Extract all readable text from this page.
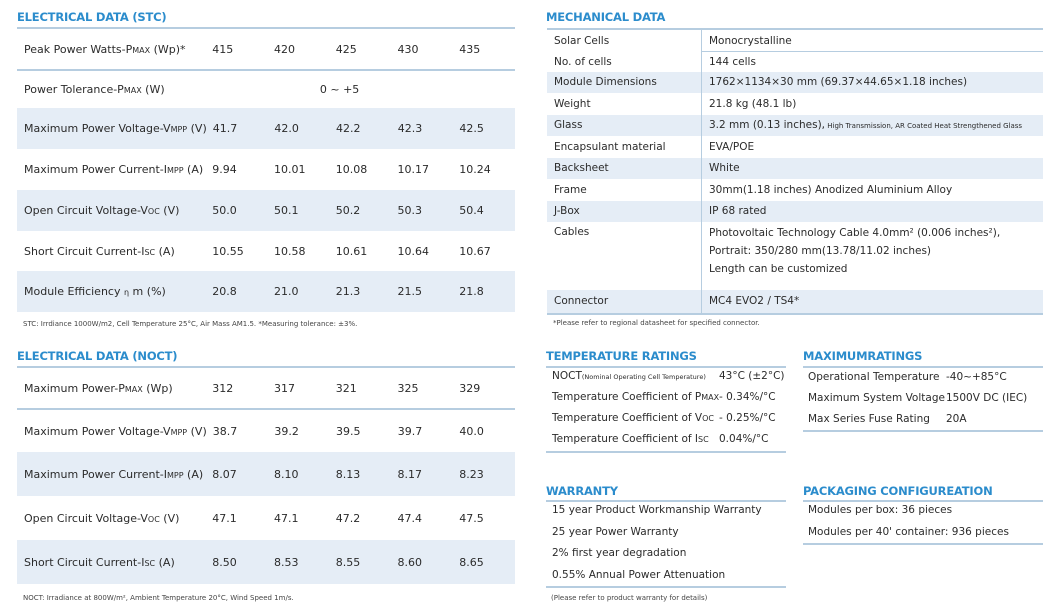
ELECTRICAL DATA (STC)
Peak Power Watts-PMAX (Wp)*	415	420	425	430	435
Power Tolerance-PMAX (W)	0 ~ +5
Maximum Power Voltage-VMPP (V) 41.7	42.0	42.2	42.3	42.5
Maximum Power Current-IMPP (A) 9.94	10.01	10.08	10.17	10.24
Open Circuit Voltage-VOC (V)	50.0	50.1	50.2	50.3	50.4
Short Circuit Current-ISC (A)	10.55	10.58	10.61	10.64	10.67
Module Efficiency η m (%)	20.8	21.0	21.3	21.5	21.8
STC: Irrdiance 1000W/m2, Cell Temperature 25°C, Air Mass AM1.5. *Measuring tolerance: ±3%.
ELECTRICAL DATA (NOCT)
Maximum Power-PMAX (Wp)	312	317	321	325	329
Maximum Power Voltage-VMPP (V) 38.7	39.2	39.5	39.7	40.0
Maximum Power Current-IMPP (A) 8.07	8.10	8.13	8.17	8.23
Open Circuit Voltage-VOC (V)	47.1	47.1	47.2	47.4	47.5
Short Circuit Current-ISC (A)	8.50	8.53	8.55	8.60	8.65
NOCT: Irradiance at 800W/m², Ambient Temperature 20°C, Wind Speed 1m/s.
MECHANICAL DATA
Solar Cells	Monocrystalline
No. of cells	144 cells
Module Dimensions	1762×1134×30 mm (69.37×44.65×1.18 inches)
Weight	21.8 kg (48.1 lb)
Glass	3.2 mm (0.13 inches), High Transmission, AR Coated Heat Strengthened Glass
Encapsulant material	EVA/POE
Backsheet	White
Frame	30mm(1.18 inches) Anodized Aluminium Alloy
J-Box	IP 68 rated
Cables	Photovoltaic Technology Cable 4.0mm² (0.006 inches²),
Portrait: 350/280 mm(13.78/11.02 inches)
Length can be customized
Connector	MC4 EVO2 / TS4*
*Please refer to regional datasheet for specified connector.
TEMPERATURE RATINGS
NOCT(Nominal Operating Cell Temperature) 43°C (±2°C)
Temperature Coefficient of PMAX - 0.34%/°C
Temperature Coefficient of VOC - 0.25%/°C
Temperature Coefficient of ISC 0.04%/°C
MAXIMUMRATINGS
Operational Temperature -40~+85°C
Maximum System Voltage 1500V DC (IEC)
Max Series Fuse Rating 20A
WARRANTY
15 year Product Workmanship Warranty
25 year Power Warranty
2% first year degradation
0.55% Annual Power Attenuation
(Please refer to product warranty for details)
PACKAGING CONFIGUREATION
Modules per box: 36 pieces
Modules per 40' container: 936 pieces
